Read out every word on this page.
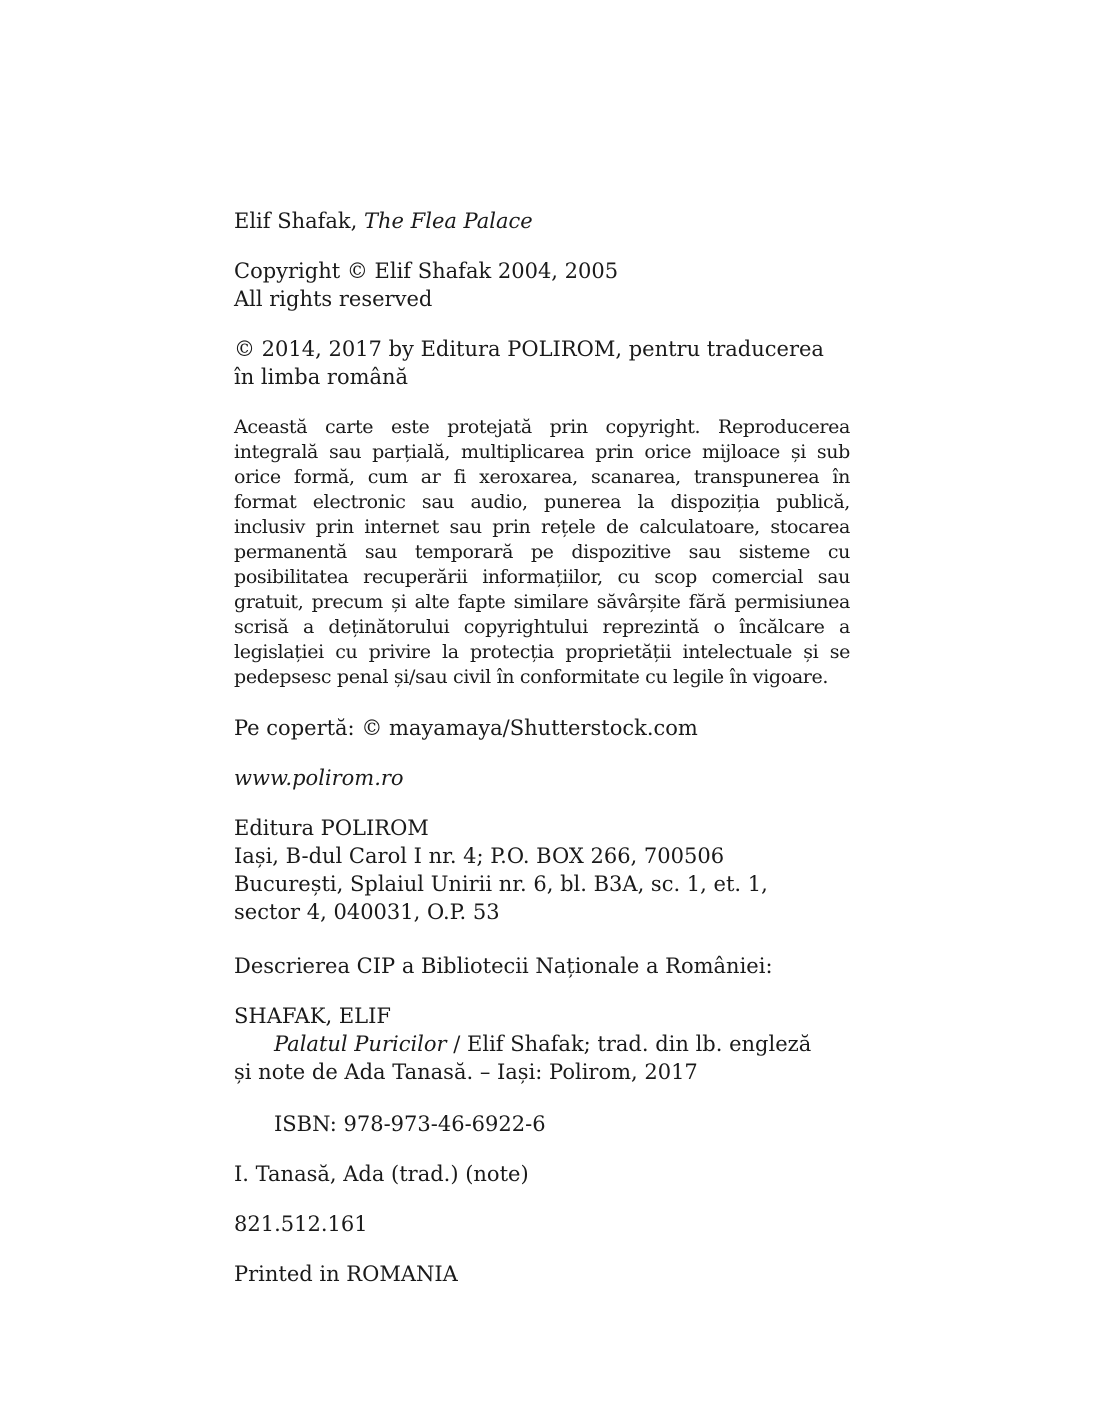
Elif Shafak, The Flea Palace
Copyright © Elif Shafak 2004, 2005
All rights reserved
© 2014, 2017 by Editura POLIROM, pentru traducerea
în limba română
Această carte este protejată prin copyright. Reproducerea integrală sau parțială, multiplicarea prin orice mijloace și sub orice formă, cum ar fi xeroxarea, scanarea, transpunerea în format electronic sau audio, punerea la dispoziția publică, inclusiv prin internet sau prin rețele de calculatoare, stocarea permanentă sau temporară pe dispozitive sau sisteme cu posibilitatea recuperării informațiilor, cu scop comercial sau gratuit, precum și alte fapte similare săvârșite fără permisiunea scrisă a deținătorului copyrightului reprezintă o încălcare a legislației cu privire la protecția proprietății intelectuale și se pedepsesc penal și/sau civil în conformitate cu legile în vigoare.
Pe copertă: © mayamaya/Shutterstock.com
www.polirom.ro
Editura POLIROM
Iași, B-dul Carol I nr. 4; P.O. BOX 266, 700506
București, Splaiul Unirii nr. 6, bl. B3A, sc. 1, et. 1,
sector 4, 040031, O.P. 53
Descrierea CIP a Bibliotecii Naționale a României:
SHAFAK, ELIF
Palatul Puricilor / Elif Shafak; trad. din lb. engleză
și note de Ada Tanasă. – Iași: Polirom, 2017
ISBN: 978-973-46-6922-6
I. Tanasă, Ada (trad.) (note)
821.512.161
Printed in ROMANIA
